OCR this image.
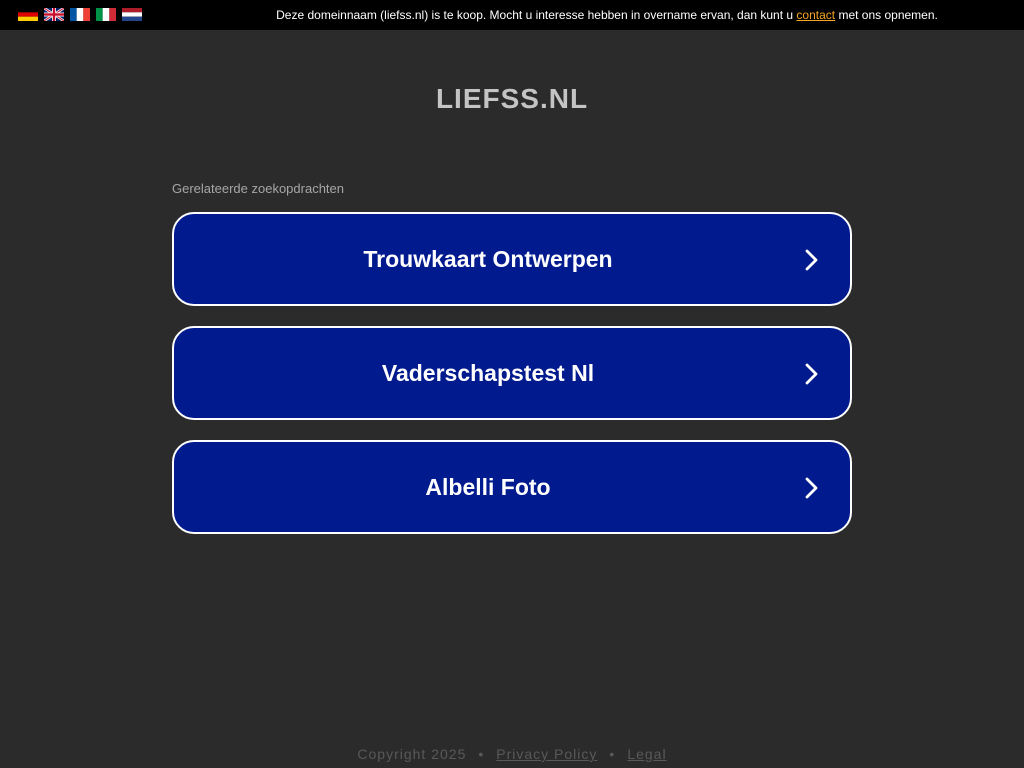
Deze domeinnaam (liefss.nl) is te koop. Mocht u interesse hebben in overname ervan, dan kunt u contact met ons opnemen.
LIEFSS.NL
Gerelateerde zoekopdrachten
Trouwkaart Ontwerpen
Vaderschapstest Nl
Albelli Foto
Copyright 2025 • Privacy Policy • Legal
